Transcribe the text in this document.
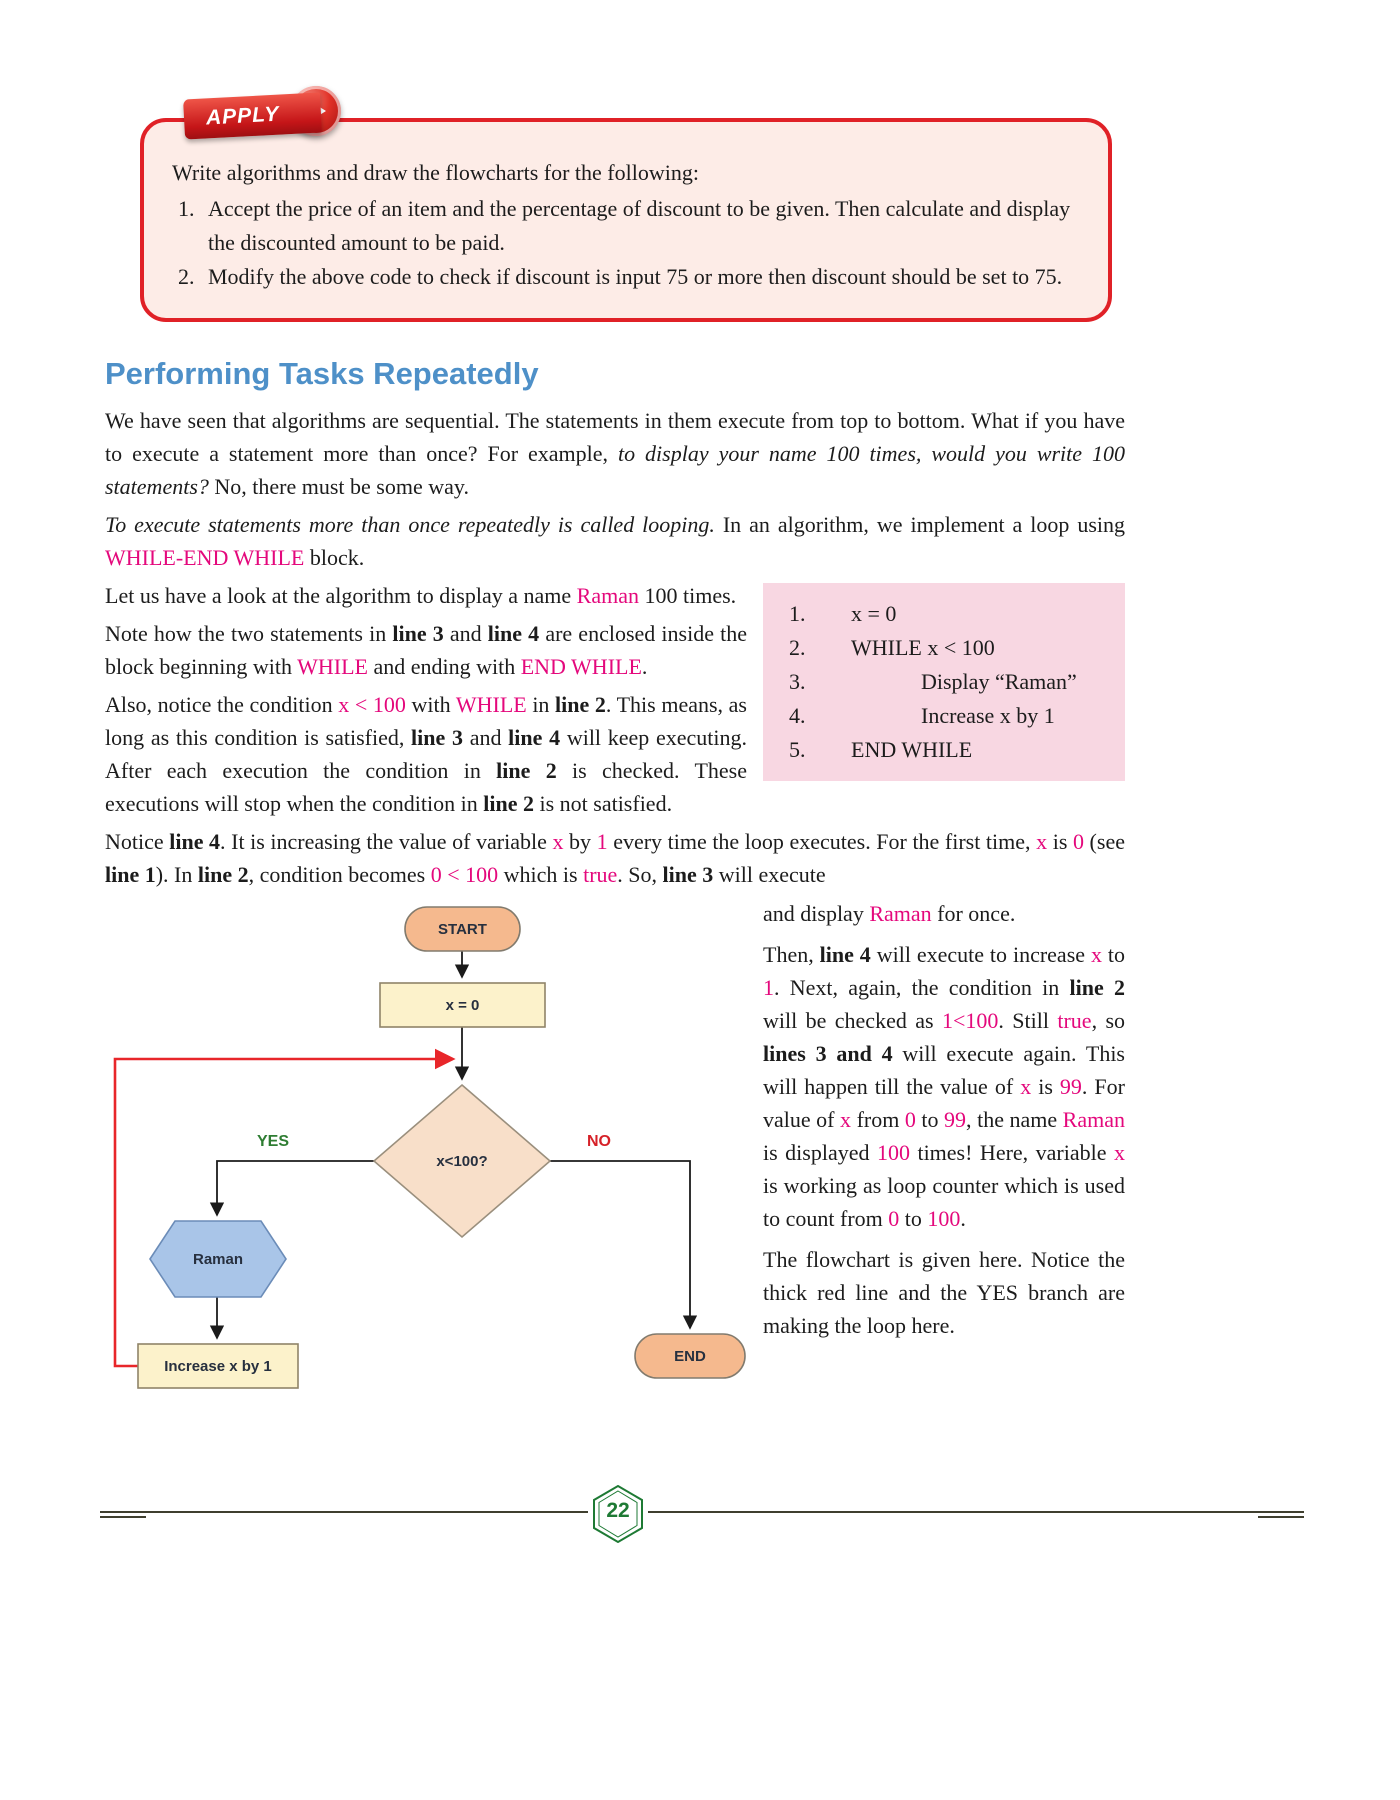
APPLY
Write algorithms and draw the flowcharts for the following:
1. Accept the price of an item and the percentage of discount to be given. Then calculate and display the discounted amount to be paid.
2. Modify the above code to check if discount is input 75 or more then discount should be set to 75.
Performing Tasks Repeatedly

We have seen that algorithms are sequential. The statements in them execute from top to bottom. What if you have to execute a statement more than once? For example, to display your name 100 times, would you write 100 statements? No, there must be some way.

To execute statements more than once repeatedly is called looping. In an algorithm, we implement a loop using WHILE-END WHILE block.

1.	x = 0
2.	WHILE x < 100
3.	Display “Raman”
4.	Increase x by 1
5.	END WHILE

Let us have a look at the algorithm to display a name Raman 100 times.

Note how the two statements in line 3 and line 4 are enclosed inside the block beginning with WHILE and ending with END WHILE.

Also, notice the condition x < 100 with WHILE in line 2. This means, as long as this condition is satisfied, line 3 and line 4 will keep executing. After each execution the condition in line 2 is checked. These executions will stop when the condition in line 2 is not satisfied.

Notice line 4. It is increasing the value of variable x by 1 every time the loop executes. For the first time, x is 0 (see line 1). In line 2, condition becomes 0 < 100 which is true. So, line 3 will execute

START
x = 0
x<100?
Raman
Increase x by 1
END
YES	NO

and display Raman for once.

Then, line 4 will execute to increase x to 1. Next, again, the condition in line 2 will be checked as 1<100. Still true, so lines 3 and 4 will execute again. This will happen till the value of x is 99. For value of x from 0 to 99, the name Raman is displayed 100 times! Here, variable x is working as loop counter which is used to count from 0 to 100.

The flowchart is given here. Notice the thick red line and the YES branch are making the loop here.

22
